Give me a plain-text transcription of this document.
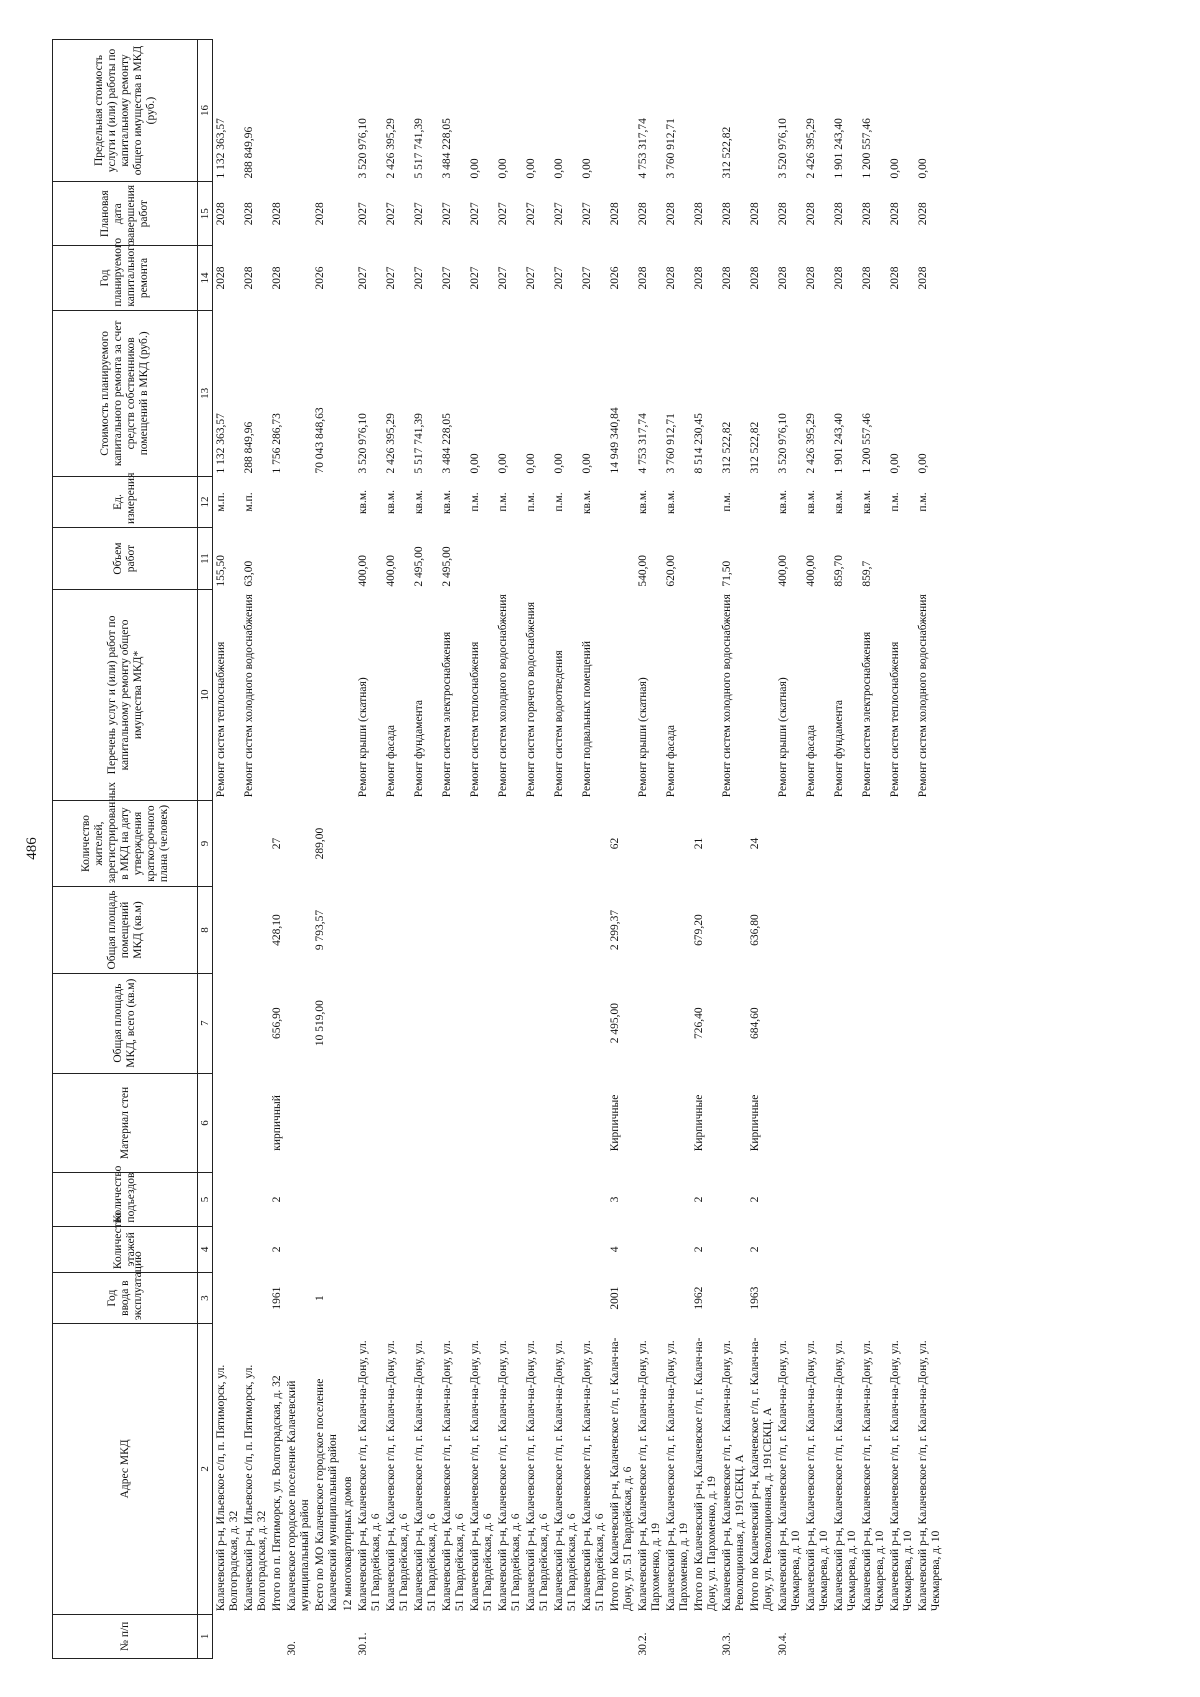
486
№ п/п	Адрес МКД	Год ввода в эксплуатацию	Количество этажей	Количество подъездов	Материал стен	Общая площадь МКД, всего (кв.м)	Общая площадь помещений МКД (кв.м)	Количество жителей, зарегистрированных в МКД на дату утверждения краткосрочного плана (человек)	Перечень услуг и (или) работ по капитальному ремонту общего имущества МКД*	Объем работ	Ед. измерения	Стоимость планируемого капитального ремонта за счет средств собственников помещений в МКД (руб.)	Год планируемого капитального ремонта	Плановая дата завершения работ	Предельная стоимость услуги и (или) работы по капитальному ремонту общего имущества в МКД (руб.)
1	2	3	4	5	6	7	8	9	10	11	12	13	14	15	16
	Калачевский р-н, Ильевское с/п, п. Пятиморск, ул. Волгоградская, д. 32								Ремонт систем теплоснабжения	155,50	м.п.	1 132 363,57	2028	2028	1 132 363,57
	Калачевский р-н, Ильевское с/п, п. Пятиморск, ул. Волгоградская, д. 32								Ремонт систем холодного водоснабжения	63,00	м.п.	288 849,96	2028	2028	288 849,96
	Итого по п. Пятиморск, ул. Волгоградская, д. 32	1961	2	2	кирпичный	656,90	428,10	27				1 756 286,73	2028	2028	
30.	Калачевское городское поселение Калачевский муниципальный район														
	Всего по МО Калачевское городское поселение Калачевский муниципальный район	1				10 519,00	9 793,57	289,00				70 043 848,63	2026	2028	
	12 многоквартирных домов														
30.1.	Калачевский р-н, Калачевское г/п, г. Калач-на-Дону, ул. 51 Гвардейская, д. 6								Ремонт крыши (скатная)	400,00	кв.м.	3 520 976,10	2027	2027	3 520 976,10
	Калачевский р-н, Калачевское г/п, г. Калач-на-Дону, ул. 51 Гвардейская, д. 6								Ремонт фасада	400,00	кв.м.	2 426 395,29	2027	2027	2 426 395,29
	Калачевский р-н, Калачевское г/п, г. Калач-на-Дону, ул. 51 Гвардейская, д. 6								Ремонт фундамента	2 495,00	кв.м.	5 517 741,39	2027	2027	5 517 741,39
	Калачевский р-н, Калачевское г/п, г. Калач-на-Дону, ул. 51 Гвардейская, д. 6								Ремонт систем электроснабжения	2 495,00	кв.м.	3 484 228,05	2027	2027	3 484 228,05
	Калачевский р-н, Калачевское г/п, г. Калач-на-Дону, ул. 51 Гвардейская, д. 6								Ремонт систем теплоснабжения		п.м.	0,00	2027	2027	0,00
	Калачевский р-н, Калачевское г/п, г. Калач-на-Дону, ул. 51 Гвардейская, д. 6								Ремонт систем холодного водоснабжения		п.м.	0,00	2027	2027	0,00
	Калачевский р-н, Калачевское г/п, г. Калач-на-Дону, ул. 51 Гвардейская, д. 6								Ремонт систем горячего водоснабжения		п.м.	0,00	2027	2027	0,00
	Калачевский р-н, Калачевское г/п, г. Калач-на-Дону, ул. 51 Гвардейская, д. 6								Ремонт систем водоотведения		п.м.	0,00	2027	2027	0,00
	Калачевский р-н, Калачевское г/п, г. Калач-на-Дону, ул. 51 Гвардейская, д. 6								Ремонт подвальных помещений		кв.м.	0,00	2027	2027	0,00
	Итого по Калачевский р-н, Калачевское г/п, г. Калач-на-Дону, ул. 51 Гвардейская, д. 6	2001	4	3	Кирпичные	2 495,00	2 299,37	62				14 949 340,84	2026	2028	
30.2.	Калачевский р-н, Калачевское г/п, г. Калач-на-Дону, ул. Пархоменко, д. 19								Ремонт крыши (скатная)	540,00	кв.м.	4 753 317,74	2028	2028	4 753 317,74
	Калачевский р-н, Калачевское г/п, г. Калач-на-Дону, ул. Пархоменко, д. 19								Ремонт фасада	620,00	кв.м.	3 760 912,71	2028	2028	3 760 912,71
	Итого по Калачевский р-н, Калачевское г/п, г. Калач-на-Дону, ул. Пархоменко, д. 19	1962	2	2	Кирпичные	726,40	679,20	21				8 514 230,45	2028	2028	
30.3.	Калачевский р-н, Калачевское г/п, г. Калач-на-Дону, ул. Революционная, д. 191СЕКЦ. А								Ремонт систем холодного водоснабжения	71,50	п.м.	312 522,82	2028	2028	312 522,82
	Итого по Калачевский р-н, Калачевское г/п, г. Калач-на-Дону, ул. Революционная, д. 191СЕКЦ. А	1963	2	2	Кирпичные	684,60	636,80	24				312 522,82	2028	2028	
30.4.	Калачевский р-н, Калачевское г/п, г. Калач-на-Дону, ул. Чекмарева, д. 10								Ремонт крыши (скатная)	400,00	кв.м.	3 520 976,10	2028	2028	3 520 976,10
	Калачевский р-н, Калачевское г/п, г. Калач-на-Дону, ул. Чекмарева, д. 10								Ремонт фасада	400,00	кв.м.	2 426 395,29	2028	2028	2 426 395,29
	Калачевский р-н, Калачевское г/п, г. Калач-на-Дону, ул. Чекмарева, д. 10								Ремонт фундамента	859,70	кв.м.	1 901 243,40	2028	2028	1 901 243,40
	Калачевский р-н, Калачевское г/п, г. Калач-на-Дону, ул. Чекмарева, д. 10								Ремонт систем электроснабжения	859,7	кв.м.	1 200 557,46	2028	2028	1 200 557,46
	Калачевский р-н, Калачевское г/п, г. Калач-на-Дону, ул. Чекмарева, д. 10								Ремонт систем теплоснабжения		п.м.	0,00	2028	2028	0,00
	Калачевский р-н, Калачевское г/п, г. Калач-на-Дону, ул. Чекмарева, д. 10								Ремонт систем холодного водоснабжения		п.м.	0,00	2028	2028	0,00
